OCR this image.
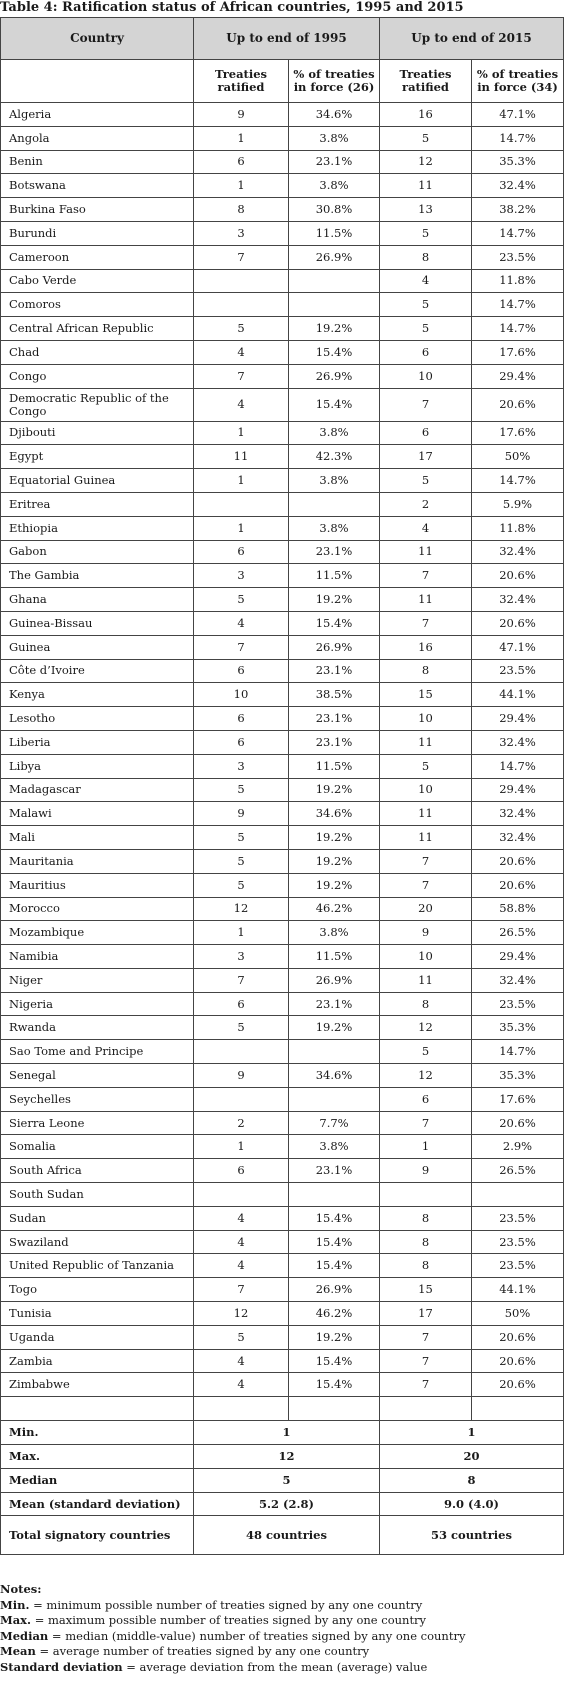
Table 4: Ratification status of African countries, 1995 and 2015
Country	Up to end of 1995		Up to end of 2015	
	Treaties ratified	% of treaties in force (26)	Treaties ratified	% of treaties in force (34)
Algeria	9	34.6%	16	47.1%
Angola	1	3.8%	5	14.7%
Benin	6	23.1%	12	35.3%
Botswana	1	3.8%	11	32.4%
Burkina Faso	8	30.8%	13	38.2%
Burundi	3	11.5%	5	14.7%
Cameroon	7	26.9%	8	23.5%
Cabo Verde			4	11.8%
Comoros			5	14.7%
Central African Republic	5	19.2%	5	14.7%
Chad	4	15.4%	6	17.6%
Congo	7	26.9%	10	29.4%
Democratic Republic of the Congo	4	15.4%	7	20.6%
Djibouti	1	3.8%	6	17.6%
Egypt	11	42.3%	17	50%
Equatorial Guinea	1	3.8%	5	14.7%
Eritrea			2	5.9%
Ethiopia	1	3.8%	4	11.8%
Gabon	6	23.1%	11	32.4%
The Gambia	3	11.5%	7	20.6%
Ghana	5	19.2%	11	32.4%
Guinea-Bissau	4	15.4%	7	20.6%
Guinea	7	26.9%	16	47.1%
Côte d’Ivoire	6	23.1%	8	23.5%
Kenya	10	38.5%	15	44.1%
Lesotho	6	23.1%	10	29.4%
Liberia	6	23.1%	11	32.4%
Libya	3	11.5%	5	14.7%
Madagascar	5	19.2%	10	29.4%
Malawi	9	34.6%	11	32.4%
Mali	5	19.2%	11	32.4%
Mauritania	5	19.2%	7	20.6%
Mauritius	5	19.2%	7	20.6%
Morocco	12	46.2%	20	58.8%
Mozambique	1	3.8%	9	26.5%
Namibia	3	11.5%	10	29.4%
Niger	7	26.9%	11	32.4%
Nigeria	6	23.1%	8	23.5%
Rwanda	5	19.2%	12	35.3%
Sao Tome and Principe			5	14.7%
Senegal	9	34.6%	12	35.3%
Seychelles			6	17.6%
Sierra Leone	2	7.7%	7	20.6%
Somalia	1	3.8%	1	2.9%
South Africa	6	23.1%	9	26.5%
South Sudan				
Sudan	4	15.4%	8	23.5%
Swaziland	4	15.4%	8	23.5%
United Republic of Tanzania	4	15.4%	8	23.5%
Togo	7	26.9%	15	44.1%
Tunisia	12	46.2%	17	50%
Uganda	5	19.2%	7	20.6%
Zambia	4	15.4%	7	20.6%
Zimbabwe	4	15.4%	7	20.6%

Min.	1		1	
Max.	12		20	
Median	5		8	
Mean (standard deviation)	5.2 (2.8)		9.0 (4.0)	
Total signatory countries	48 countries		53 countries	
Notes:
Min. = minimum possible number of treaties signed by any one country
Max. = maximum possible number of treaties signed by any one country
Median = median (middle-value) number of treaties signed by any one country
Mean = average number of treaties signed by any one country
Standard deviation = average deviation from the mean (average) value
